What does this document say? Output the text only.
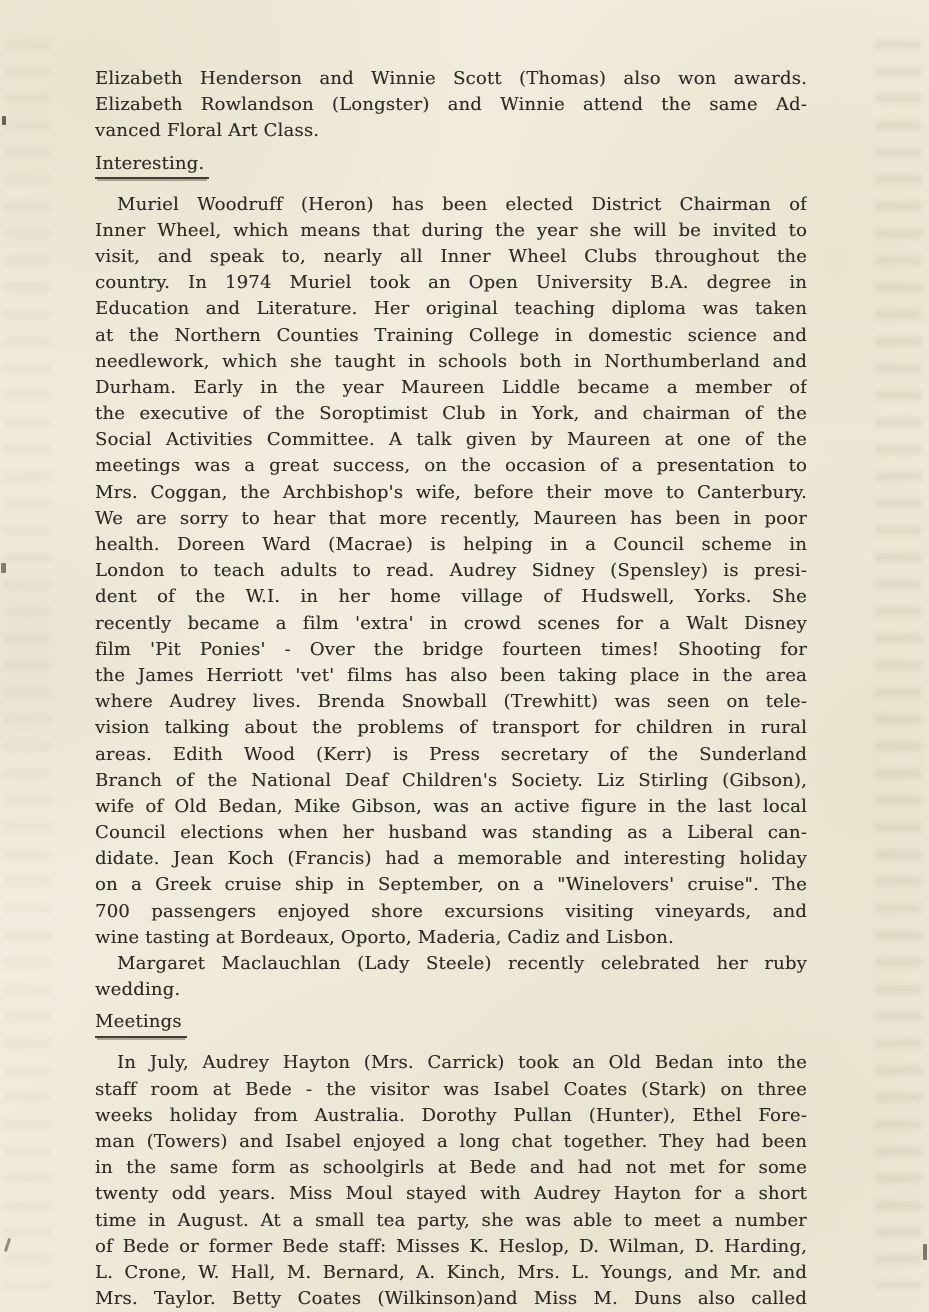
Elizabeth Henderson and Winnie Scott (Thomas) also won awards.
Elizabeth Rowlandson (Longster) and Winnie attend the same Ad-
vanced Floral Art Class.
Interesting.
Muriel Woodruff (Heron) has been elected District Chairman of
Inner Wheel, which means that during the year she will be invited to
visit, and speak to, nearly all Inner Wheel Clubs throughout the
country. In 1974 Muriel took an Open University B.A. degree in
Education and Literature. Her original teaching diploma was taken
at the Northern Counties Training College in domestic science and
needlework, which she taught in schools both in Northumberland and
Durham. Early in the year Maureen Liddle became a member of
the executive of the Soroptimist Club in York, and chairman of the
Social Activities Committee. A talk given by Maureen at one of the
meetings was a great success, on the occasion of a presentation to
Mrs. Coggan, the Archbishop's wife, before their move to Canterbury.
We are sorry to hear that more recently, Maureen has been in poor
health. Doreen Ward (Macrae) is helping in a Council scheme in
London to teach adults to read. Audrey Sidney (Spensley) is presi-
dent of the W.I. in her home village of Hudswell, Yorks. She
recently became a film 'extra' in crowd scenes for a Walt Disney
film 'Pit Ponies' - Over the bridge fourteen times! Shooting for
the James Herriott 'vet' films has also been taking place in the area
where Audrey lives. Brenda Snowball (Trewhitt) was seen on tele-
vision talking about the problems of transport for children in rural
areas. Edith Wood (Kerr) is Press secretary of the Sunderland
Branch of the National Deaf Children's Society. Liz Stirling (Gibson),
wife of Old Bedan, Mike Gibson, was an active figure in the last local
Council elections when her husband was standing as a Liberal can-
didate. Jean Koch (Francis) had a memorable and interesting holiday
on a Greek cruise ship in September, on a "Winelovers' cruise". The
700 passengers enjoyed shore excursions visiting vineyards, and
wine tasting at Bordeaux, Oporto, Maderia, Cadiz and Lisbon.
Margaret Maclauchlan (Lady Steele) recently celebrated her ruby
wedding.
Meetings
In July, Audrey Hayton (Mrs. Carrick) took an Old Bedan into the
staff room at Bede - the visitor was Isabel Coates (Stark) on three
weeks holiday from Australia. Dorothy Pullan (Hunter), Ethel Fore-
man (Towers) and Isabel enjoyed a long chat together. They had been
in the same form as schoolgirls at Bede and had not met for some
twenty odd years. Miss Moul stayed with Audrey Hayton for a short
time in August. At a small tea party, she was able to meet a number
of Bede or former Bede staff: Misses K. Heslop, D. Wilman, D. Harding,
L. Crone, W. Hall, M. Bernard, A. Kinch, Mrs. L. Youngs, and Mr. and
Mrs. Taylor. Betty Coates (Wilkinson)and Miss M. Duns also called
